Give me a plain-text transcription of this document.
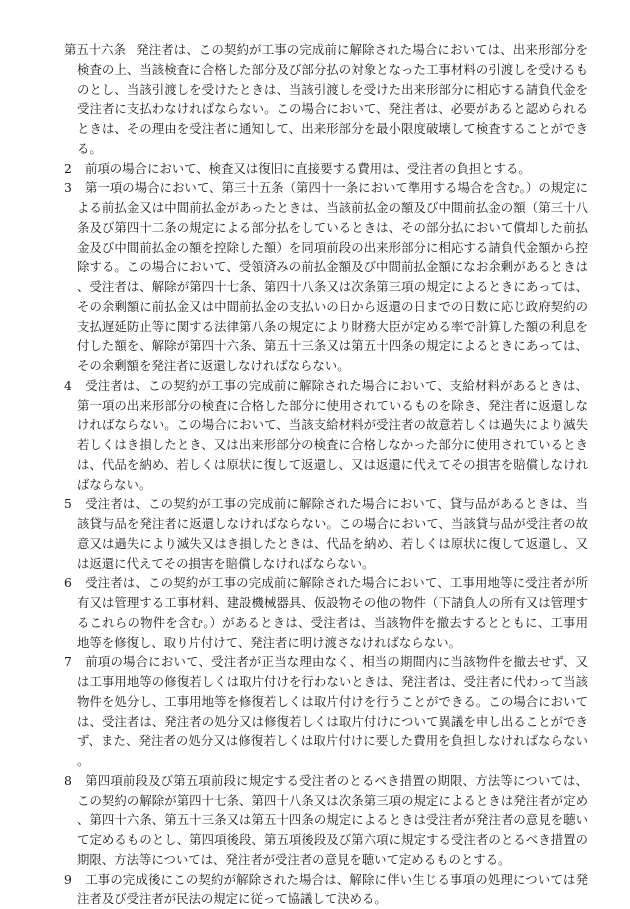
第五十六条 発注者は、この契約が工事の完成前に解除された場合においては、出来形部分を検査の上、当該検査に合格した部分及び部分払の対象となった工事材料の引渡しを受けるものとし、当該引渡しを受けたときは、当該引渡しを受けた出来形部分に相応する請負代金を受注者に支払わなければならない。この場合において、発注者は、必要があると認められるときは、その理由を受注者に通知して、出来形部分を最小限度破壊して検査することができる。

2 前項の場合において、検査又は復旧に直接要する費用は、受注者の負担とする。

3 第一項の場合において、第三十五条（第四十一条において準用する場合を含む。）の規定による前払金又は中間前払金があったときは、当該前払金の額及び中間前払金の額（第三十八条及び第四十二条の規定による部分払をしているときは、その部分払において償却した前払金及び中間前払金の額を控除した額）を同項前段の出来形部分に相応する請負代金額から控除する。この場合において、受領済みの前払金額及び中間前払金額になお余剰があるときは、受注者は、解除が第四十七条、第四十八条又は次条第三項の規定によるときにあっては、その余剰額に前払金又は中間前払金の支払いの日から返還の日までの日数に応じ政府契約の支払遅延防止等に関する法律第八条の規定により財務大臣が定める率で計算した額の利息を付した額を、解除が第四十六条、第五十三条又は第五十四条の規定によるときにあっては、その余剰額を発注者に返還しなければならない。

4 受注者は、この契約が工事の完成前に解除された場合において、支給材料があるときは、第一項の出来形部分の検査に合格した部分に使用されているものを除き、発注者に返還しなければならない。この場合において、当該支給材料が受注者の故意若しくは過失により滅失若しくはき損したとき、又は出来形部分の検査に合格しなかった部分に使用されているときは、代品を納め、若しくは原状に復して返還し、又は返還に代えてその損害を賠償しなければならない。

5 受注者は、この契約が工事の完成前に解除された場合において、貸与品があるときは、当該貸与品を発注者に返還しなければならない。この場合において、当該貸与品が受注者の故意又は過失により滅失又はき損したときは、代品を納め、若しくは原状に復して返還し、又は返還に代えてその損害を賠償しなければならない。

6 受注者は、この契約が工事の完成前に解除された場合において、工事用地等に受注者が所有又は管理する工事材料、建設機械器具、仮設物その他の物件（下請負人の所有又は管理するこれらの物件を含む。）があるときは、受注者は、当該物件を撤去するとともに、工事用地等を修復し、取り片付けて、発注者に明け渡さなければならない。

7 前項の場合において、受注者が正当な理由なく、相当の期間内に当該物件を撤去せず、又は工事用地等の修復若しくは取片付けを行わないときは、発注者は、受注者に代わって当該物件を処分し、工事用地等を修復若しくは取片付けを行うことができる。この場合においては、受注者は、発注者の処分又は修復若しくは取片付けについて異議を申し出ることができず、また、発注者の処分又は修復若しくは取片付けに要した費用を負担しなければならない。

8 第四項前段及び第五項前段に規定する受注者のとるべき措置の期限、方法等については、この契約の解除が第四十七条、第四十八条又は次条第三項の規定によるときは発注者が定め、第四十六条、第五十三条又は第五十四条の規定によるときは受注者が発注者の意見を聴いて定めるものとし、第四項後段、第五項後段及び第六項に規定する受注者のとるべき措置の期限、方法等については、発注者が受注者の意見を聴いて定めるものとする。

9 工事の完成後にこの契約が解除された場合は、解除に伴い生じる事項の処理については発注者及び受注者が民法の規定に従って協議して決める。
